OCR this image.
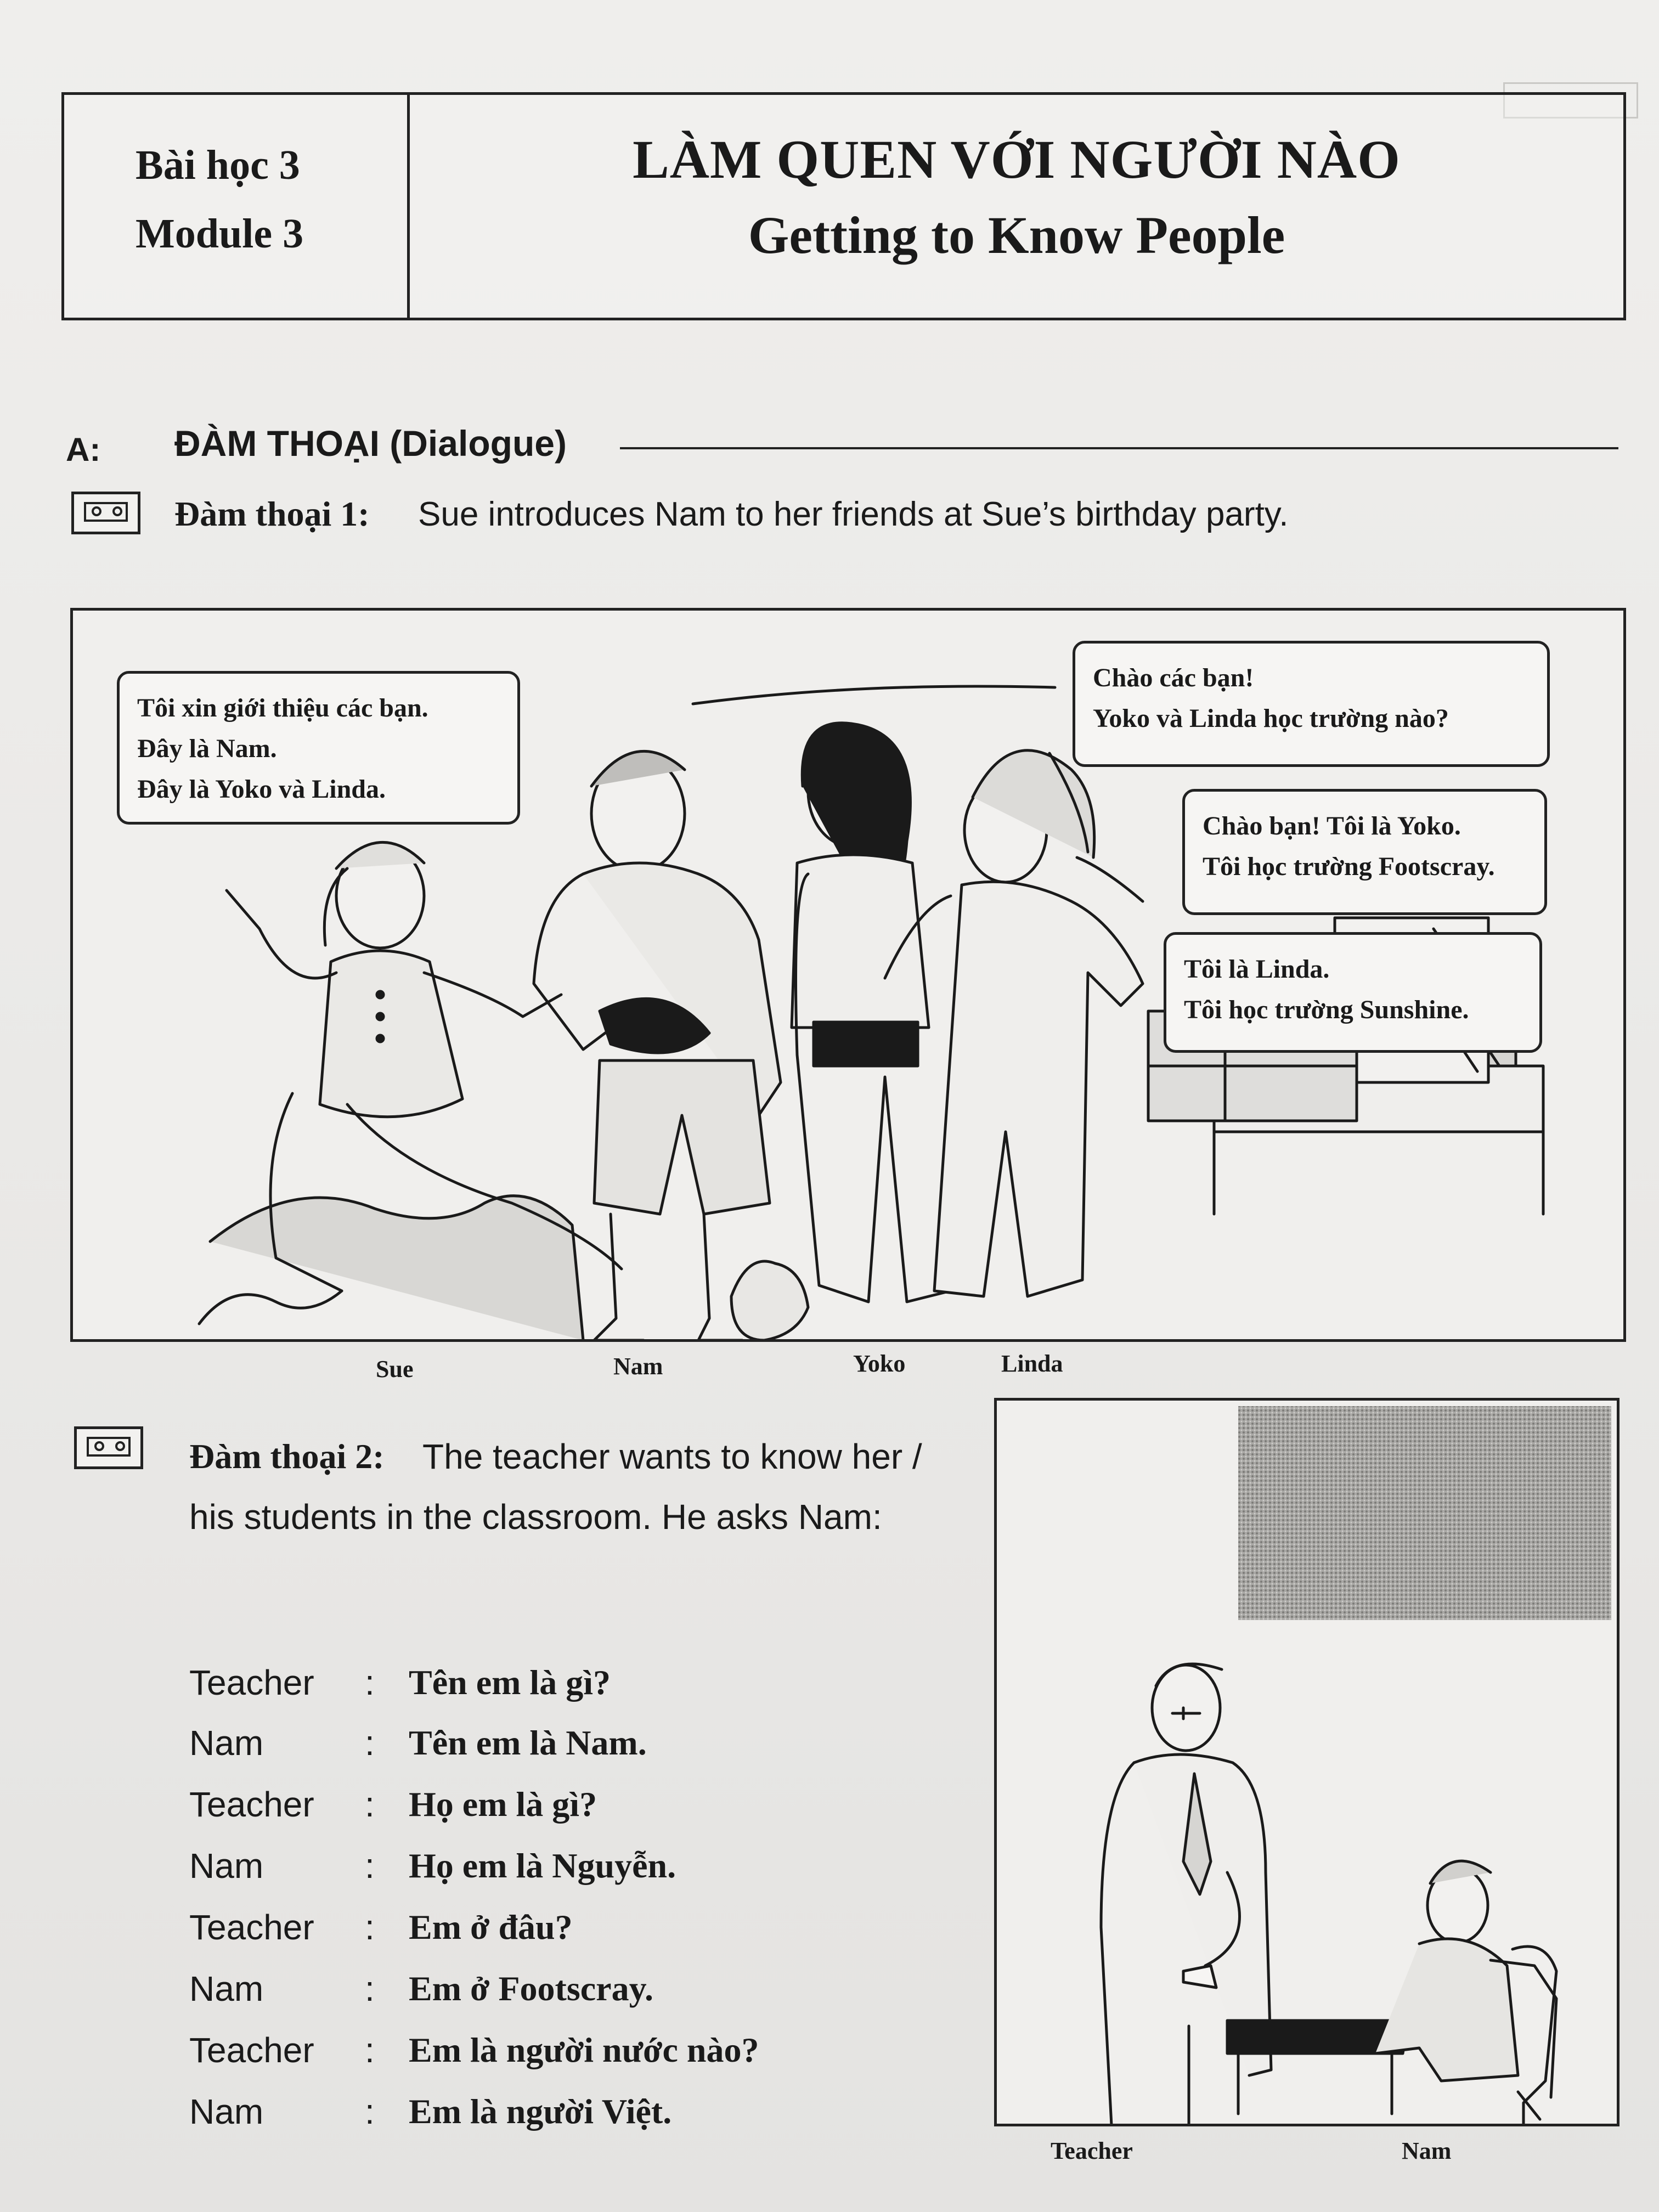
Bài học 3
Module 3
LÀM QUEN VỚI NGƯỜI NÀO
Getting to Know People
A: ĐÀM THOẠI (Dialogue)
Đàm thoại 1: Sue introduces Nam to her friends at Sue’s birthday party.
Tôi xin giới thiệu các bạn.
Đây là Nam.
Đây là Yoko và Linda.
Chào các bạn!
Yoko và Linda học trường nào?
Chào bạn! Tôi là Yoko.
Tôi học trường Footscray.
Tôi là Linda.
Tôi học trường Sunshine.
Sue	Nam	Yoko	Linda
Đàm thoại 2: The teacher wants to know her /
his students in the classroom. He asks Nam:
Teacher : Tên em là gì?
Nam	: Tên em là Nam.
Teacher : Họ em là gì?
Nam	: Họ em là Nguyễn.
Teacher : Em ở đâu?
Nam	: Em ở Footscray.
Teacher : Em là người nước nào?
Nam	: Em là người Việt.
Teacher	Nam
